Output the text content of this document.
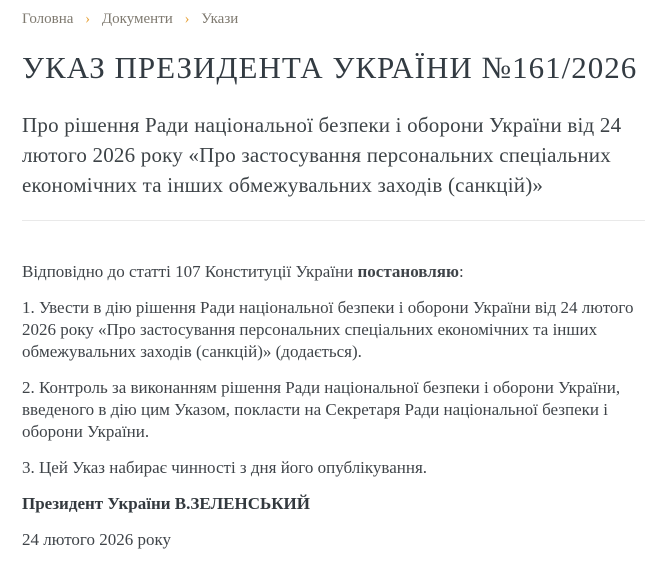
Головна › Документи › Укази
УКАЗ ПРЕЗИДЕНТА УКРАЇНИ №161/2026
Про рішення Ради національної безпеки і оборони України від 24 лютого 2026 року «Про застосування персональних спеціальних економічних та інших обмежувальних заходів (санкцій)»

Відповідно до статті 107 Конституції України постановляю:

1. Увести в дію рішення Ради національної безпеки і оборони України від 24 лютого 2026 року «Про застосування персональних спеціальних економічних та інших обмежувальних заходів (санкцій)» (додається).

2. Контроль за виконанням рішення Ради національної безпеки і оборони України, введеного в дію цим Указом, покласти на Секретаря Ради національної безпеки і оборони України.

3. Цей Указ набирає чинності з дня його опублікування.

Президент України В.ЗЕЛЕНСЬКИЙ

24 лютого 2026 року
